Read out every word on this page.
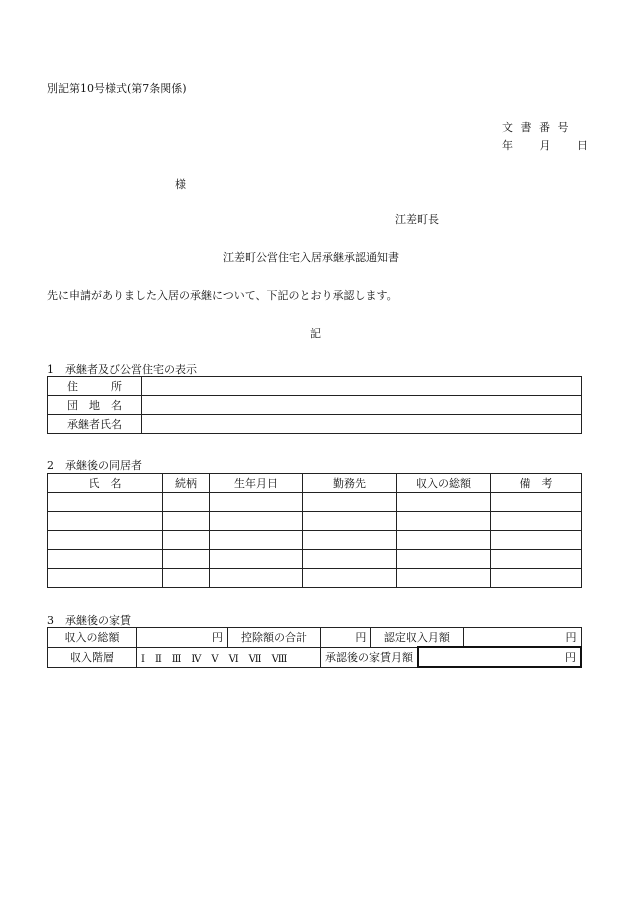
別記第10号様式(第7条関係)
文 書 番 号
年　 月　 日
様
江差町長
江差町公営住宅入居承継承認通知書
先に申請がありました入居の承継について、下記のとおり承認します。
記
1　承継者及び公営住宅の表示
住　　　所	
団　地　名	
承継者氏名	
2　承継後の同居者
氏　名	続柄	生年月日	勤務先	収入の総額	備　考

3　承継後の家賃
収入の総額	円	控除額の合計	円	認定収入月額		円
収入階層	Ⅰ　Ⅱ　Ⅲ　Ⅳ　Ⅴ　Ⅵ　Ⅶ　Ⅷ		承認後の家賃月額		円	
